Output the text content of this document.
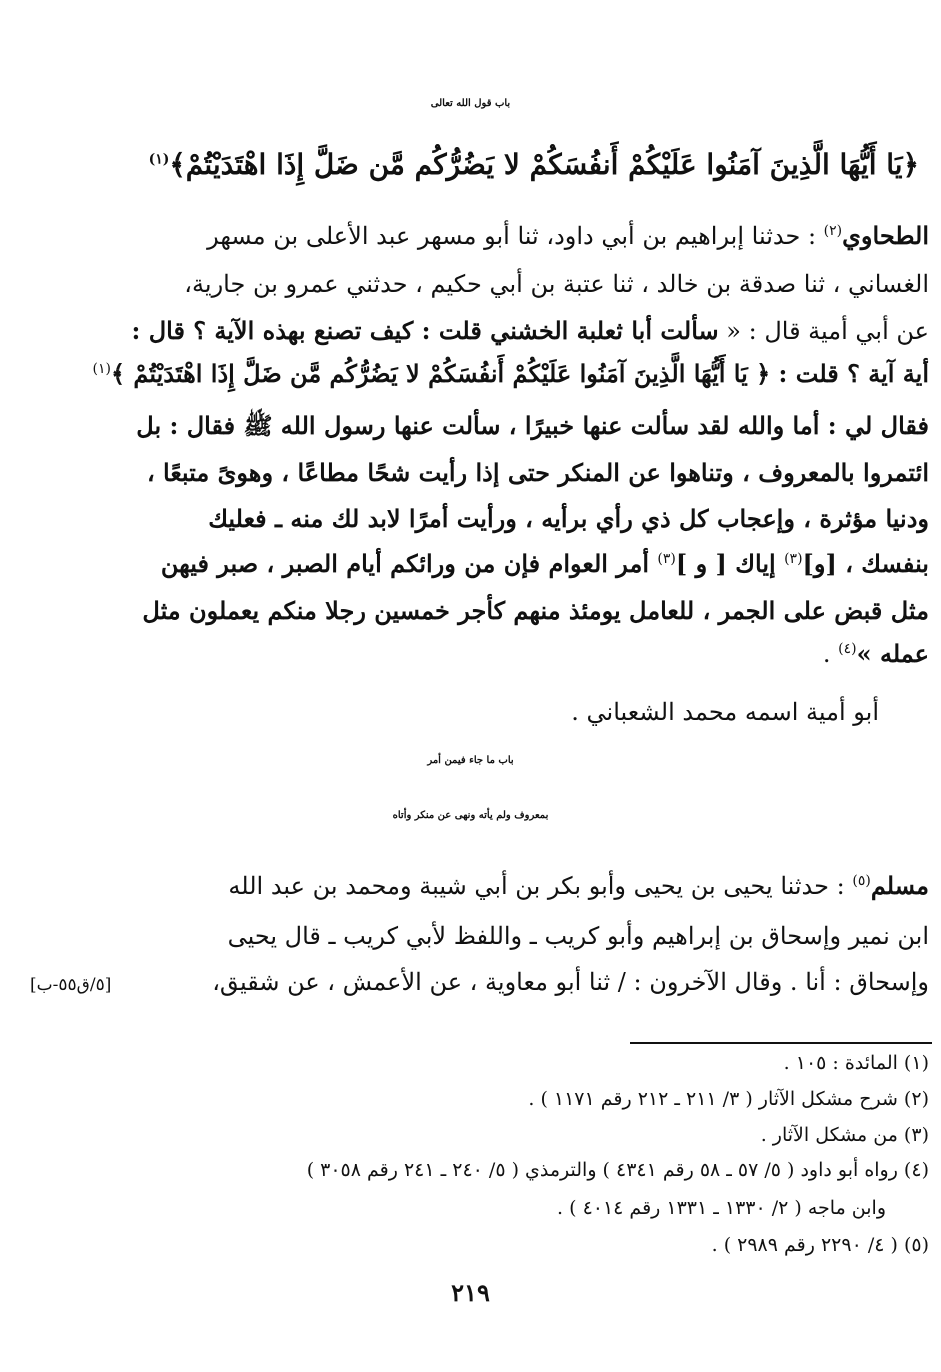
باب قول الله تعالى
﴿يَا أَيُّهَا الَّذِينَ آمَنُوا عَلَيْكُمْ أَنفُسَكُمْ لا يَضُرُّكُم مَّن ضَلَّ إِذَا اهْتَدَيْتُمْ﴾$^{(١)}$
الطحاوي$^{(٢)}$ : حدثنا إبراهيم بن أبي داود، ثنا أبو مسهر عبد الأعلى بن مسهر
الغساني ، ثنا صدقة بن خالد ، ثنا عتبة بن أبي حكيم ، حدثني عمرو بن جارية،
عن أبي أمية قال : « سألت أبا ثعلبة الخشني قلت : كيف تصنع بهذه الآية ؟ قال :
أية آية ؟ قلت : ﴿ يَا أَيُّهَا الَّذِينَ آمَنُوا عَلَيْكُمْ أَنفُسَكُمْ لا يَضُرُّكُم مَّن ضَلَّ إِذَا اهْتَدَيْتُمْ ﴾$^{(١)}$
فقال لي : أما والله لقد سألت عنها خبيرًا ، سألت عنها رسول الله ﷺ فقال : بل
ائتمروا بالمعروف ، وتناهوا عن المنكر حتى إذا رأيت شحًا مطاعًا ، وهوىً متبعًا ،
ودنيا مؤثرة ، وإعجاب كل ذي رأي برأيه ، ورأيت أمرًا لابد لك منه ـ فعليك
بنفسك ، [و]$^{(٣)}$ إياك [ و ]$^{(٣)}$ أمر العوام فإن من ورائكم أيام الصبر ، صبر فيهن
مثل قبض على الجمر ، للعامل يومئذ منهم كأجر خمسين رجلا منكم يعملون مثل
عمله »$^{(٤)}$ .
أبو أمية اسمه محمد الشعباني .
باب ما جاء فيمن أمر
بمعروف ولم يأته ونهى عن منكر وأتاه
مسلم$^{(٥)}$ : حدثنا يحيى بن يحيى وأبو بكر بن أبي شيبة ومحمد بن عبد الله
ابن نمير وإسحاق بن إبراهيم وأبو كريب ـ واللفظ لأبي كريب ـ قال يحيى
وإسحاق : أنا . وقال الآخرون : / ثنا أبو معاوية ، عن الأعمش ، عن شقيق،
[٥/ق٥٥-ب]
(١) المائدة : ١٠٥ .
(٢) شرح مشكل الآثار ( ٣/ ٢١١ ـ ٢١٢ رقم ١١٧١ ) .
(٣) من مشكل الآثار .
(٤) رواه أبو داود ( ٥/ ٥٧ ـ ٥٨ رقم ٤٣٤١ ) والترمذي ( ٥/ ٢٤٠ ـ ٢٤١ رقم ٣٠٥٨ )
وابن ماجه ( ٢/ ١٣٣٠ ـ ١٣٣١ رقم ٤٠١٤ ) .
(٥) ( ٤/ ٢٢٩٠ رقم ٢٩٨٩ ) .
٢١٩
